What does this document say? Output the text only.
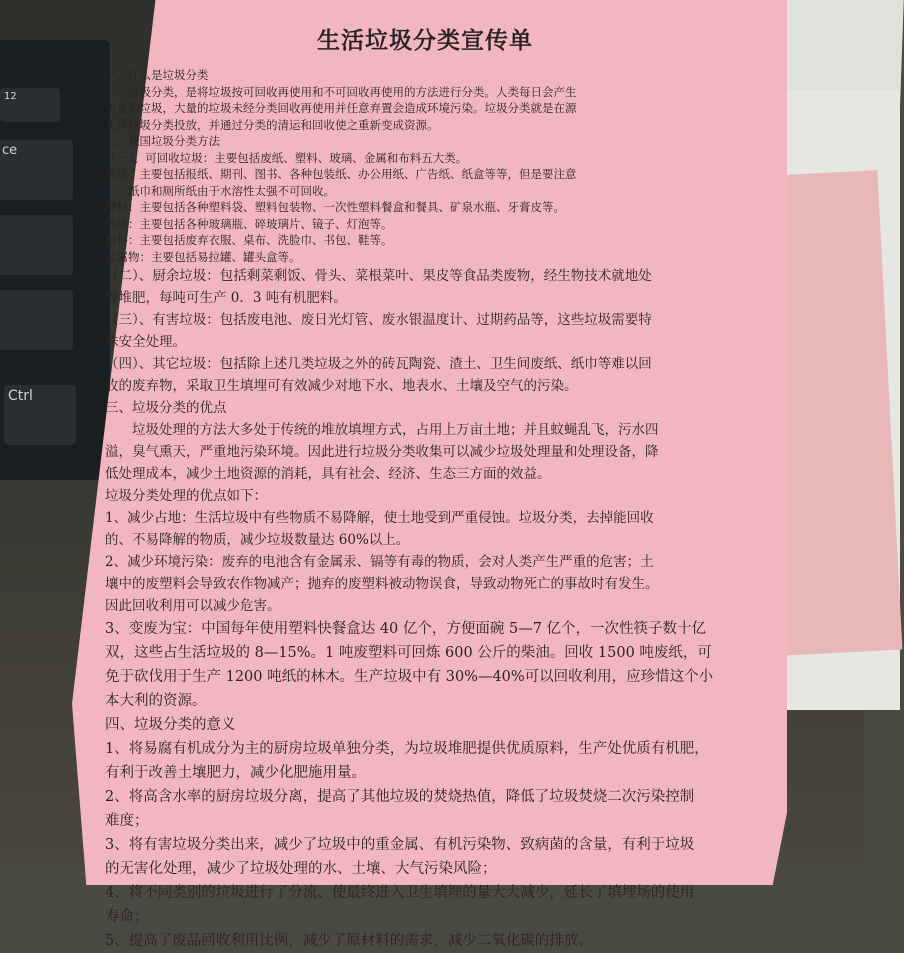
12
ce
Ctrl
生活垃圾分类宣传单
一、什么是垃圾分类
　　垃圾分类，是将垃圾按可回收再使用和不可回收再使用的方法进行分类。人类每日会产生
大量的垃圾，大量的垃圾未经分类回收再使用并任意弃置会造成环境污染。垃圾分类就是在源
头将垃圾分类投放，并通过分类的清运和回收使之重新变成资源。
二、我国垃圾分类方法
（一）、可回收垃圾：主要包括废纸、塑料、玻璃、金属和布料五大类。
废纸：主要包括报纸、期刊、图书、各种包装纸、办公用纸、广告纸、纸盒等等，但是要注意
　　纸巾和厕所纸由于水溶性太强不可回收。
塑料：主要包括各种塑料袋、塑料包装物、一次性塑料餐盒和餐具、矿泉水瓶、牙膏皮等。
玻璃：主要包括各种玻璃瓶、碎玻璃片、镜子、灯泡等。
布料：主要包括废弃衣服、桌布、洗脸巾、书包、鞋等。
金属物：主要包括易拉罐、罐头盒等。
（二）、厨余垃圾：包括剩菜剩饭、骨头、菜根菜叶、果皮等食品类废物，经生物技术就地处
理堆肥，每吨可生产 0．3 吨有机肥料。
（三）、有害垃圾：包括废电池、废日光灯管、废水银温度计、过期药品等，这些垃圾需要特
殊安全处理。
（四）、其它垃圾：包括除上述几类垃圾之外的砖瓦陶瓷、渣土、卫生间废纸、纸巾等难以回
收的废弃物，采取卫生填埋可有效减少对地下水、地表水、土壤及空气的污染。
三、垃圾分类的优点
　　垃圾处理的方法大多处于传统的堆放填埋方式，占用上万亩土地；并且蚊蝇乱飞，污水四
溢，臭气熏天，严重地污染环境。因此进行垃圾分类收集可以减少垃圾处理量和处理设备，降
低处理成本，减少土地资源的消耗，具有社会、经济、生态三方面的效益。
垃圾分类处理的优点如下：
1、减少占地：生活垃圾中有些物质不易降解，使土地受到严重侵蚀。垃圾分类，去掉能回收
的、不易降解的物质，减少垃圾数量达 60%以上。
2、减少环境污染：废弃的电池含有金属汞、镉等有毒的物质，会对人类产生严重的危害；土
壤中的废塑料会导致农作物减产；抛弃的废塑料被动物误食，导致动物死亡的事故时有发生。
因此回收利用可以减少危害。
3、变废为宝：中国每年使用塑料快餐盒达 40 亿个，方便面碗 5—7 亿个，一次性筷子数十亿
双，这些占生活垃圾的 8—15%。1 吨废塑料可回炼 600 公斤的柴油。回收 1500 吨废纸，可
免于砍伐用于生产 1200 吨纸的林木。生产垃圾中有 30%—40%可以回收利用，应珍惜这个小
本大利的资源。
四、垃圾分类的意义
1、将易腐有机成分为主的厨房垃圾单独分类，为垃圾堆肥提供优质原料，生产处优质有机肥，
有利于改善土壤肥力，减少化肥施用量。
2、将高含水率的厨房垃圾分离，提高了其他垃圾的焚烧热值，降低了垃圾焚烧二次污染控制
难度；
3、将有害垃圾分类出来，减少了垃圾中的重金属、有机污染物、致病菌的含量，有利于垃圾
的无害化处理，减少了垃圾处理的水、土壤、大气污染风险；
4、将不同类别的垃圾进行了分流、使最终进入卫生填埋的量大大减少，延长了填埋场的使用
寿命；
5、提高了废品回收利用比例，减少了原材料的需求，减少二氧化碳的排放。
